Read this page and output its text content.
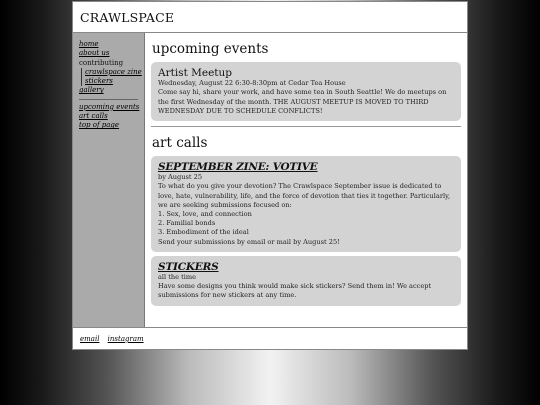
CRAWLSPACE
home
about us
contributing
crawlspace zine
stickers
gallery
upcoming events
art calls
top of page
upcoming events
Artist Meetup
Wednesday, August 22 6:30-8:30pm at Cedar Tea House
Come say hi, share your work, and have some tea in South Seattle! We do meetups on the first Wednesday of the month. THE AUGUST MEETUP IS MOVED TO THIRD WEDNESDAY DUE TO SCHEDULE CONFLICTS!
art calls
SEPTEMBER ZINE: VOTIVE
by August 25
To what do you give your devotion? The Crawlspace September issue is dedicated to love, hate, vulnerability, life, and the force of devotion that ties it together. Particularly, we are seeking submissions focused on:
1. Sex, love, and connection
2. Familial bonds
3. Embodiment of the ideal
Send your submissions by email or mail by August 25!
STICKERS
all the time
Have some designs you think would make sick stickers? Send them in! We accept submissions for new stickers at any time.
email instagram
